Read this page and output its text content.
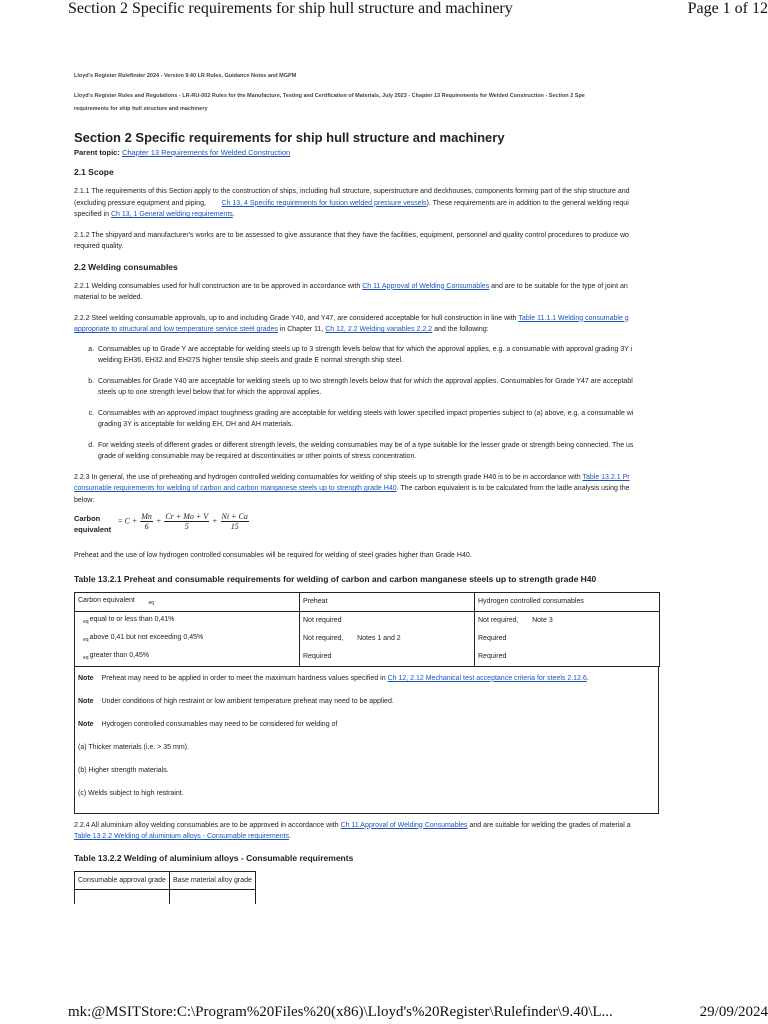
Section 2 Specific requirements for ship hull structure and machinery	Page 1 of 12
Lloyd's Register Rulefinder 2024 - Version 9.40 LR Rules, Guidance Notes and MGPM
Lloyd's Register Rules and Regulations - LR-RU-002 Rules for the Manufacture, Testing and Certification of Materials, July 2023 - Chapter 13 Requirements for Welded Construction - Section 2 Spe
requirements for ship hull structure and machinery
Section 2 Specific requirements for ship hull structure and machinery
Parent topic: Chapter 13 Requirements for Welded Construction
2.1 Scope

2.1.1 The requirements of this Section apply to the construction of ships, including hull structure, superstructure and deckhouses, components forming part of the ship structure and
(excluding pressure equipment and piping, Ch 13, 4 Specific requirements for fusion welded pressure vessels). These requirements are in addition to the general welding requi
specified in Ch 13, 1 General welding requirements.

2.1.2 The shipyard and manufacturer's works are to be assessed to give assurance that they have the facilities, equipment, personnel and quality control procedures to produce wo
required quality.

2.2 Welding consumables

2.2.1 Welding consumables used for hull construction are to be approved in accordance with Ch 11 Approval of Welding Consumables and are to be suitable for the type of joint an
material to be welded.

2.2.2 Steel welding consumable approvals, up to and including Grade Y40, and Y47, are considered acceptable for hull construction in line with Table 11.1.1 Welding consumable g
appropriate to structural and low temperature service steel grades in Chapter 11, Ch 12, 2.2 Welding variables 2.2.2 and the following:

a. Consumables up to Grade Y are acceptable for welding steels up to 3 strength levels below that for which the approval applies, e.g. a consumable with approval grading 3Y i
welding EH36, EH32 and EH27S higher tensile ship steels and grade E normal strength ship steel.
b. Consumables for Grade Y40 are acceptable for welding steels up to two strength levels below that for which the approval applies. Consumables for Grade Y47 are acceptabl
steels up to one strength level below that for which the approval applies.
c. Consumables with an approved impact toughness grading are acceptable for welding steels with lower specified impact properties subject to (a) above, e.g. a consumable wi
grading 3Y is acceptable for welding EH, DH and AH materials.
d. For welding steels of different grades or different strength levels, the welding consumables may be of a type suitable for the lesser grade or strength being connected. The us
grade of welding consumable may be required at discontinuities or other points of stress concentration.

2.2.3 In general, the use of preheating and hydrogen controlled welding consumables for welding of ship steels up to strength grade H40 is to be in accordance with Table 13.2.1 Pr
consumable requirements for welding of carbon and carbon manganese steels up to strength grade H40. The carbon equivalent is to be calculated from the ladle analysis using the
below:

Carbon
equivalent
= $C + \frac{Mn}{6} + \frac{Cr + Mo + V}{5} + \frac{Ni + Cu}{15}$

Preheat and the use of low hydrogen controlled consumables will be required for welding of steel grades higher than Grade H40.

Table 13.2.1 Preheat and consumable requirements for welding of carbon and carbon manganese steels up to strength grade H40
Carbon equivalent $_{eq}$	Preheat	Hydrogen controlled consumables
$_{eq}$equal to or less than 0,41%	Not required	Not required, Note 3
$_{eq}$above 0,41 but not exceeding 0,45%	Not required, Notes 1 and 2	Required
$_{eq}$greater than 0,45%	Required	Required
Note Preheat may need to be applied in order to meet the maximum hardness values specified in Ch 12, 2.12 Mechanical test acceptance criteria for steels 2.12.6.
Note Under conditions of high restraint or low ambient temperature preheat may need to be applied.
Note Hydrogen controlled consumables may need to be considered for welding of
(a) Thicker materials (i.e. > 35 mm).
(b) Higher strength materials.
(c) Welds subject to high restraint.

2.2.4 All aluminium alloy welding consumables are to be approved in accordance with Ch 11 Approval of Welding Consumables and are suitable for welding the grades of material a
Table 13.2.2 Welding of aluminium alloys - Consumable requirements.

Table 13.2.2 Welding of aluminium alloys - Consumable requirements
Consumable approval grade	Base material alloy grade

mk:@MSITStore:C:\Program%20Files%20(x86)\Lloyd's%20Register\Rulefinder\9.40\L...	29/09/2024
